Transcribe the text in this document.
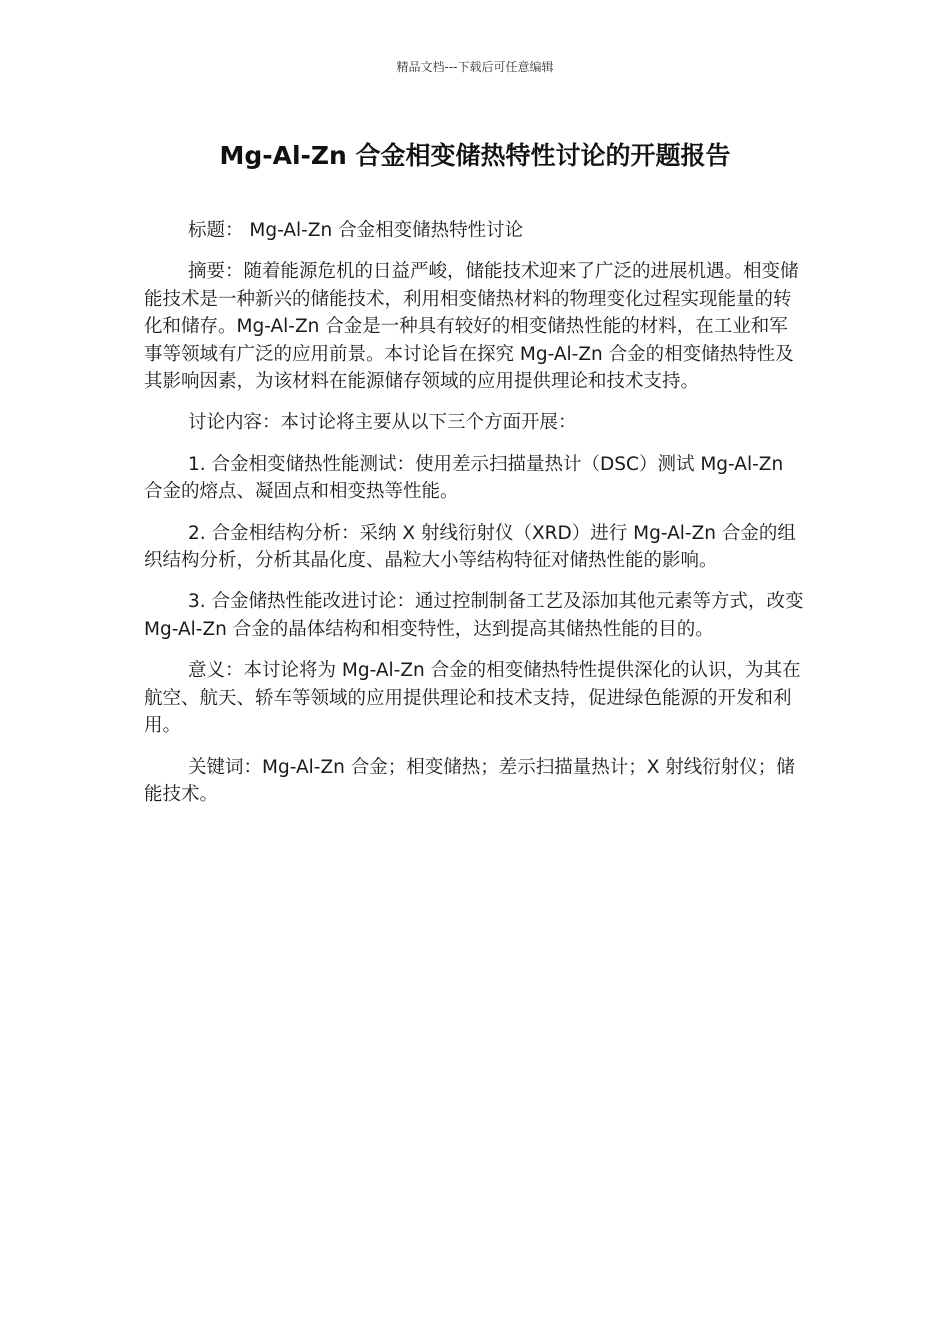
精品文档---下载后可任意编辑
Mg-Al-Zn 合金相变储热特性讨论的开题报告

标题： Mg-Al-Zn 合金相变储热特性讨论

摘要：随着能源危机的日益严峻，储能技术迎来了广泛的进展机遇。相变储能技术是一种新兴的储能技术，利用相变储热材料的物理变化过程实现能量的转化和储存。Mg-Al-Zn 合金是一种具有较好的相变储热性能的材料，在工业和军事等领域有广泛的应用前景。本讨论旨在探究 Mg-Al-Zn 合金的相变储热特性及其影响因素，为该材料在能源储存领域的应用提供理论和技术支持。

讨论内容：本讨论将主要从以下三个方面开展：

1. 合金相变储热性能测试：使用差示扫描量热计（DSC）测试 Mg-Al-Zn 合金的熔点、凝固点和相变热等性能。

2. 合金相结构分析：采纳 X 射线衍射仪（XRD）进行 Mg-Al-Zn 合金的组织结构分析，分析其晶化度、晶粒大小等结构特征对储热性能的影响。

3. 合金储热性能改进讨论：通过控制制备工艺及添加其他元素等方式，改变 Mg-Al-Zn 合金的晶体结构和相变特性，达到提高其储热性能的目的。

意义：本讨论将为 Mg-Al-Zn 合金的相变储热特性提供深化的认识，为其在航空、航天、轿车等领域的应用提供理论和技术支持，促进绿色能源的开发和利用。

关键词：Mg-Al-Zn 合金；相变储热；差示扫描量热计；X 射线衍射仪；储能技术。
